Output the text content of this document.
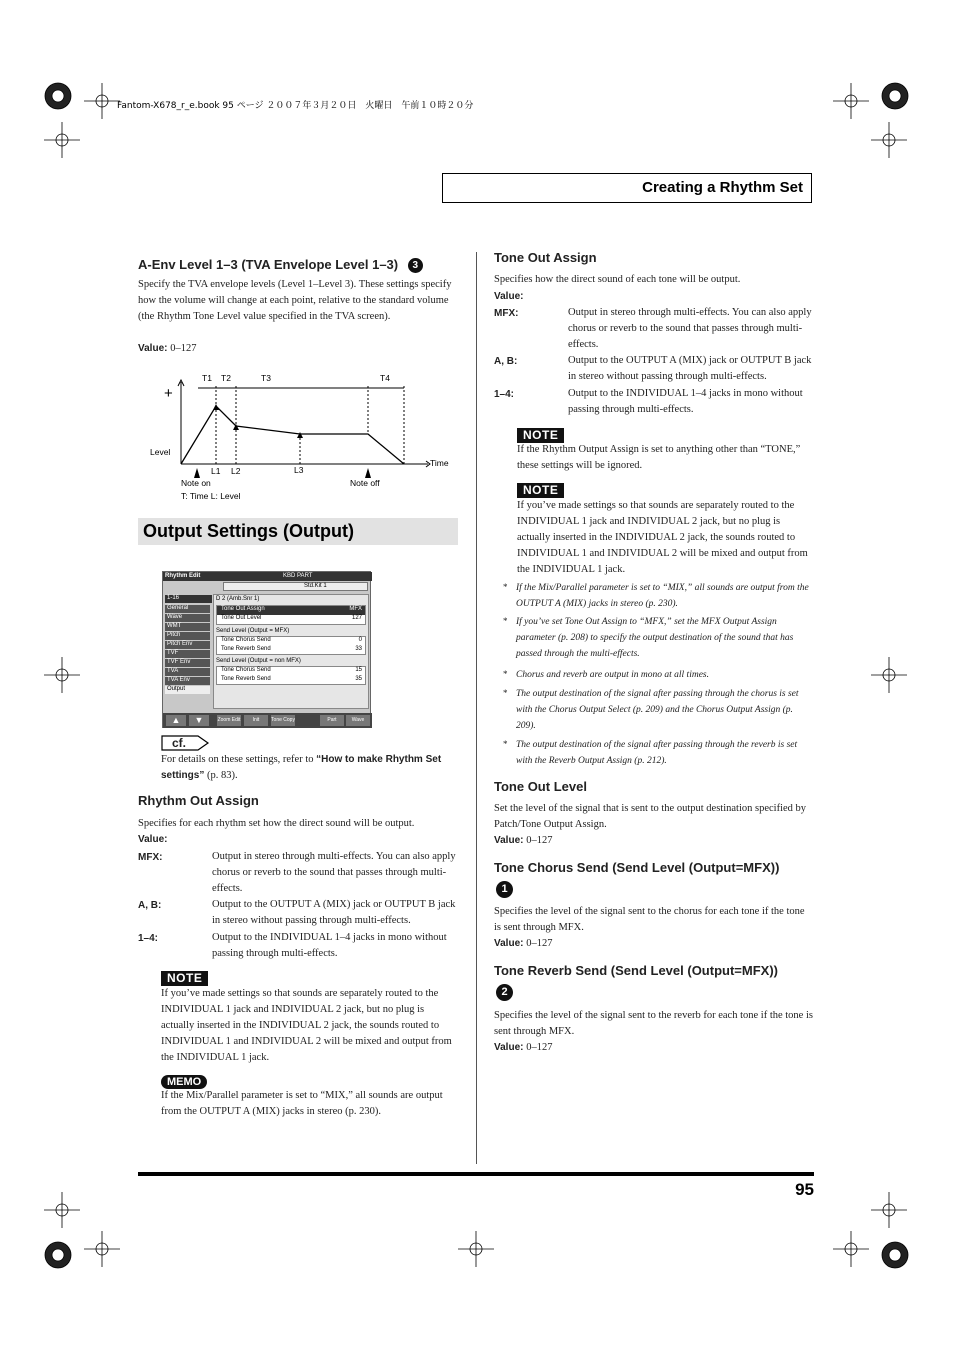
Fantom-X678_r_e.book 95 ページ ２００７年３月２０日　火曜日　午前１０時２０分
Creating a Rhythm Set
A-Env Level 1–3 (TVA Envelope Level 1–3) 3
Specify the TVA envelope levels (Level 1–Level 3). These settings specify how the volume will change at each point, relative to the standard volume (the Rhythm Tone Level value specified in the TVA screen).
Value: 0–127
T1 T2	T3	T4
+
Level
Time
L1 L2	L3
Note on	Note off
T: Time L: Level
Output Settings (Output)
Rhythm Edit	KBD PART
Std.Kit 1
1-16
General
Wave
WMT
Pitch
Pitch Env
TVF
TVF Env
TVA
TVA Env
Output
D 2 (Amb.Snr 1)
Tone Out Assign	MFX
Tone Out Level	127
Send Level (Output = MFX)
Tone Chorus Send	0
Tone Reverb Send	33
Send Level (Output = non MFX)
Tone Chorus Send	15
Tone Reverb Send	35
▲	▼	Zoom Edit	Init	Tone Copy	Part Select
Wave Sw/Sel
cf.
For details on these settings, refer to “How to make Rhythm Set settings” (p. 83).
Rhythm Out Assign
Specifies for each rhythm set how the direct sound will be output.
Value:
MFX:	Output in stereo through multi-effects. You can also apply chorus or reverb to the sound that passes through multi-effects.
A, B:	Output to the OUTPUT A (MIX) jack or OUTPUT B jack in stereo without passing through multi-effects.
1–4:	Output to the INDIVIDUAL 1–4 jacks in mono without passing through multi-effects.
NOTE
If you’ve made settings so that sounds are separately routed to the INDIVIDUAL 1 jack and INDIVIDUAL 2 jack, but no plug is actually inserted in the INDIVIDUAL 2 jack, the sounds routed to INDIVIDUAL 1 and INDIVIDUAL 2 will be mixed and output from the INDIVIDUAL 1 jack.
MEMO
If the Mix/Parallel parameter is set to “MIX,” all sounds are output from the OUTPUT A (MIX) jacks in stereo (p. 230).
Tone Out Assign
Specifies how the direct sound of each tone will be output.
Value:
MFX:	Output in stereo through multi-effects. You can also apply chorus or reverb to the sound that passes through multi-effects.
A, B:	Output to the OUTPUT A (MIX) jack or OUTPUT B jack in stereo without passing through multi-effects.
1–4:	Output to the INDIVIDUAL 1–4 jacks in mono without passing through multi-effects.
NOTE
If the Rhythm Output Assign is set to anything other than “TONE,” these settings will be ignored.
NOTE
If you’ve made settings so that sounds are separately routed to the INDIVIDUAL 1 jack and INDIVIDUAL 2 jack, but no plug is actually inserted in the INDIVIDUAL 2 jack, the sounds routed to INDIVIDUAL 1 and INDIVIDUAL 2 will be mixed and output from the INDIVIDUAL 1 jack.
* If the Mix/Parallel parameter is set to “MIX,” all sounds are output from the OUTPUT A (MIX) jacks in stereo (p. 230).
* If you’ve set Tone Out Assign to “MFX,” set the MFX Output Assign parameter (p. 208) to specify the output destination of the sound that has passed through the multi-effects.
* Chorus and reverb are output in mono at all times.
* The output destination of the signal after passing through the chorus is set with the Chorus Output Select (p. 209) and the Chorus Output Assign (p. 209).
* The output destination of the signal after passing through the reverb is set with the Reverb Output Assign (p. 212).
Tone Out Level
Set the level of the signal that is sent to the output destination specified by Patch/Tone Output Assign.
Value: 0–127
Tone Chorus Send (Send Level (Output=MFX))
1
Specifies the level of the signal sent to the chorus for each tone if the tone is sent through MFX.
Value: 0–127
Tone Reverb Send (Send Level (Output=MFX))
2
Specifies the level of the signal sent to the reverb for each tone if the tone is sent through MFX.
Value: 0–127
95
